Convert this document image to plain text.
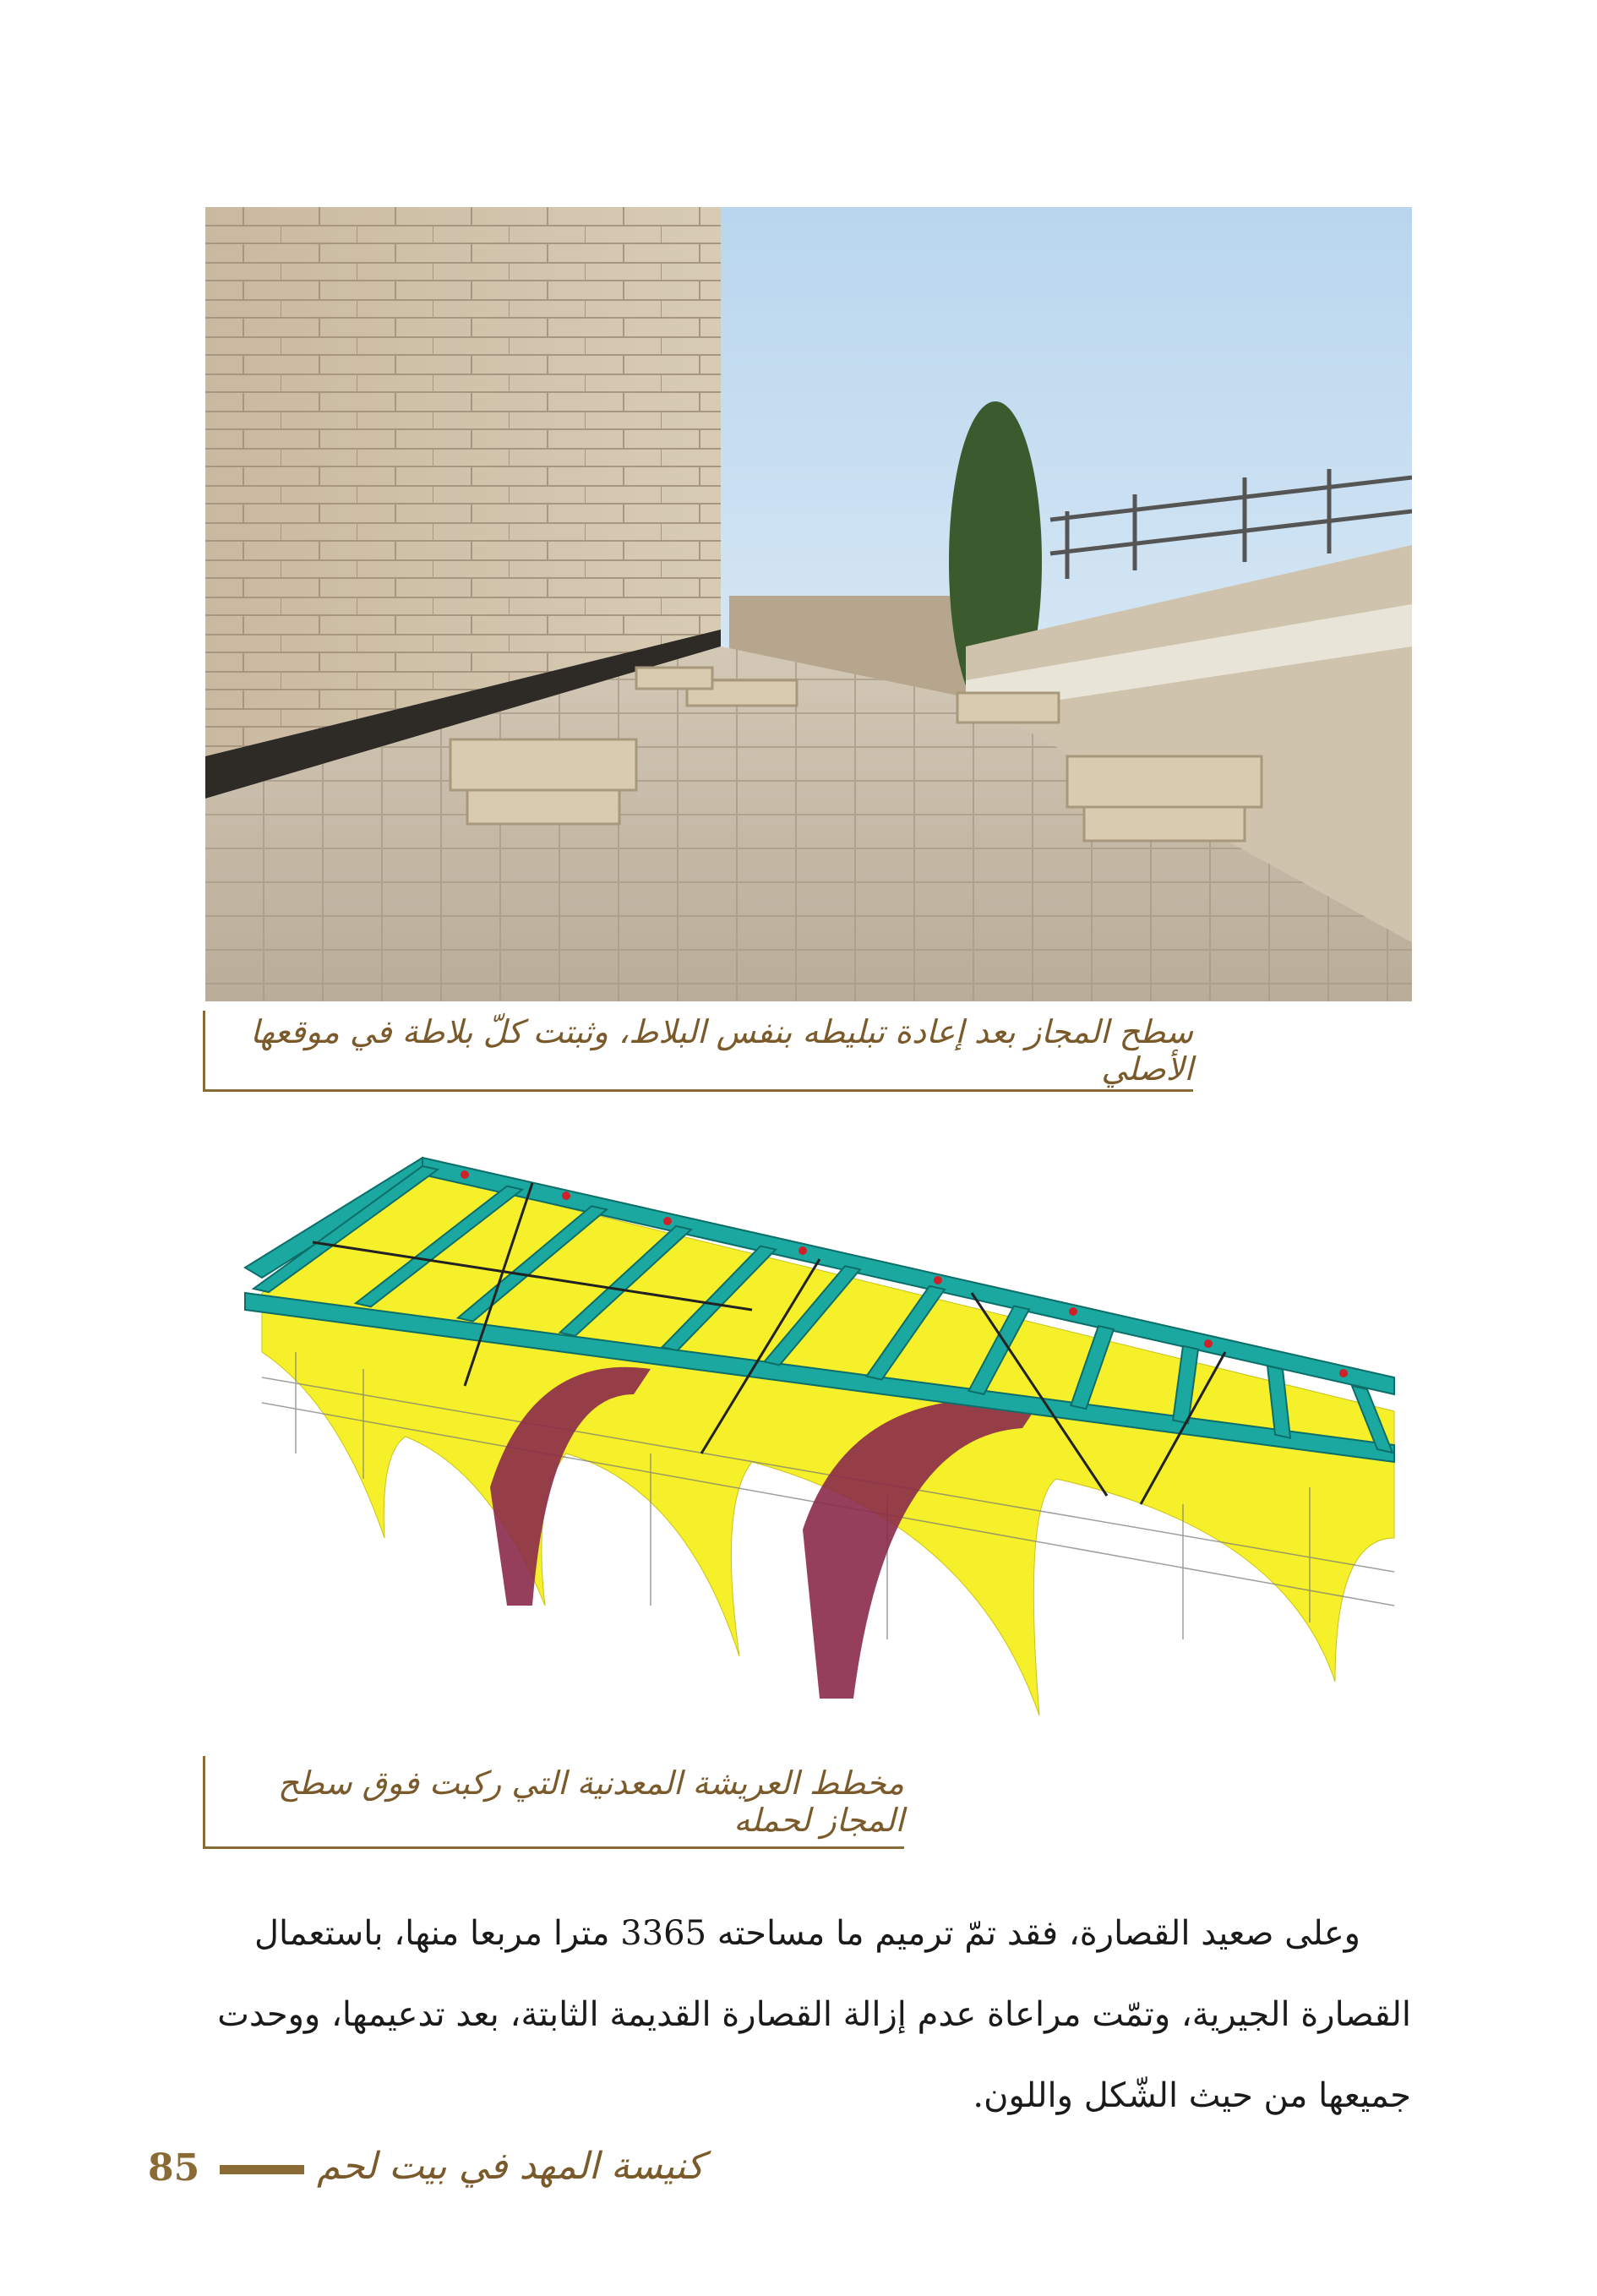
سطح المجاز بعد إعادة تبليطه بنفس البلاط، وثبتت كلّ بلاطة في موقعها الأصلي
مخطط العريشة المعدنية التي ركبت فوق سطح المجاز لحمله
وعلى صعيد القصارة، فقد تمّ ترميم ما مساحته 3365 مترا مربعا منها، باستعمال
القصارة الجيرية، وتمّت مراعاة عدم إزالة القصارة القديمة الثابتة، بعد تدعيمها، ووحدت
جميعها من حيث الشّكل واللون.
85	كنيسة المهد في بيت لحم
